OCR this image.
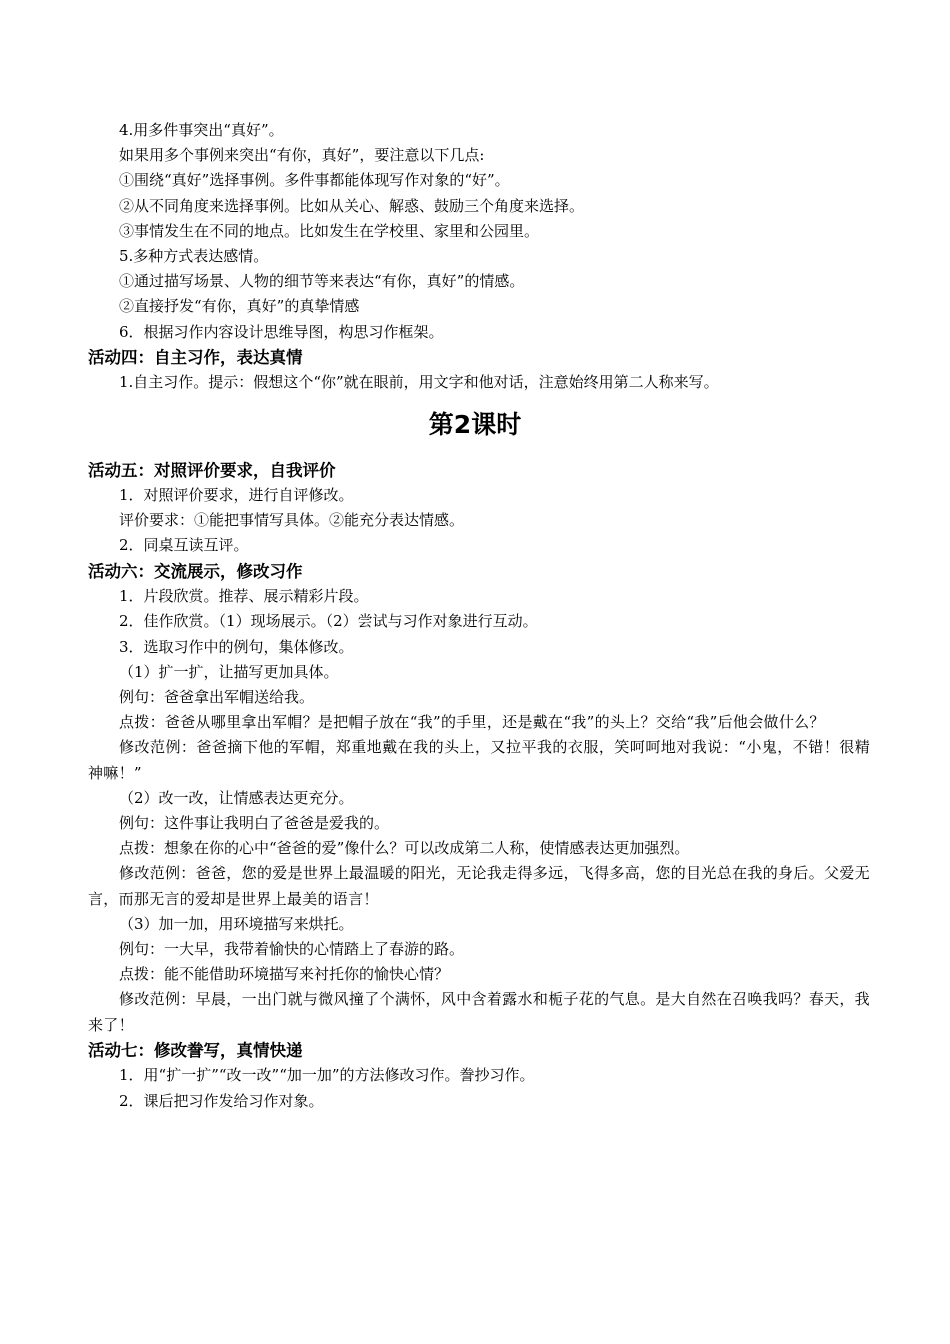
4.用多件事突出“真好”。
如果用多个事例来突出“有你，真好”，要注意以下几点:
①围绕“真好”选择事例。多件事都能体现写作对象的“好”。
②从不同角度来选择事例。比如从关心、解惑、鼓励三个角度来选择。
③事情发生在不同的地点。比如发生在学校里、家里和公园里。
5.多种方式表达感情。
①通过描写场景、人物的细节等来表达“有你，真好”的情感。
②直接抒发“有你，真好”的真挚情感
6．根据习作内容设计思维导图，构思习作框架。
活动四：自主习作，表达真情
1.自主习作。提示：假想这个“你”就在眼前，用文字和他对话，注意始终用第二人称来写。
第2课时
活动五：对照评价要求，自我评价
1．对照评价要求，进行自评修改。
评价要求：①能把事情写具体。②能充分表达情感。
2．同桌互读互评。
活动六：交流展示，修改习作
1．片段欣赏。推荐、展示精彩片段。
2．佳作欣赏。（1）现场展示。（2）尝试与习作对象进行互动。
3．选取习作中的例句，集体修改。
（1）扩一扩，让描写更加具体。
例句：爸爸拿出军帽送给我。
点拨：爸爸从哪里拿出军帽？是把帽子放在“我”的手里，还是戴在“我”的头上？交给“我”后他会做什么？
修改范例：爸爸摘下他的军帽，郑重地戴在我的头上，又拉平我的衣服，笑呵呵地对我说：“小鬼，不错！很精神嘛！”
（2）改一改，让情感表达更充分。
例句：这件事让我明白了爸爸是爱我的。
点拨：想象在你的心中“爸爸的爱”像什么？可以改成第二人称，使情感表达更加强烈。
修改范例：爸爸，您的爱是世界上最温暖的阳光，无论我走得多远，飞得多高，您的目光总在我的身后。父爱无言，而那无言的爱却是世界上最美的语言！
（3）加一加，用环境描写来烘托。
例句：一大早，我带着愉快的心情踏上了春游的路。
点拨：能不能借助环境描写来衬托你的愉快心情？
修改范例：早晨，一出门就与微风撞了个满怀，风中含着露水和栀子花的气息。是大自然在召唤我吗？春天，我来了！
活动七：修改誊写，真情快递
1．用“扩一扩”“改一改”“加一加”的方法修改习作。誊抄习作。
2．课后把习作发给习作对象。
